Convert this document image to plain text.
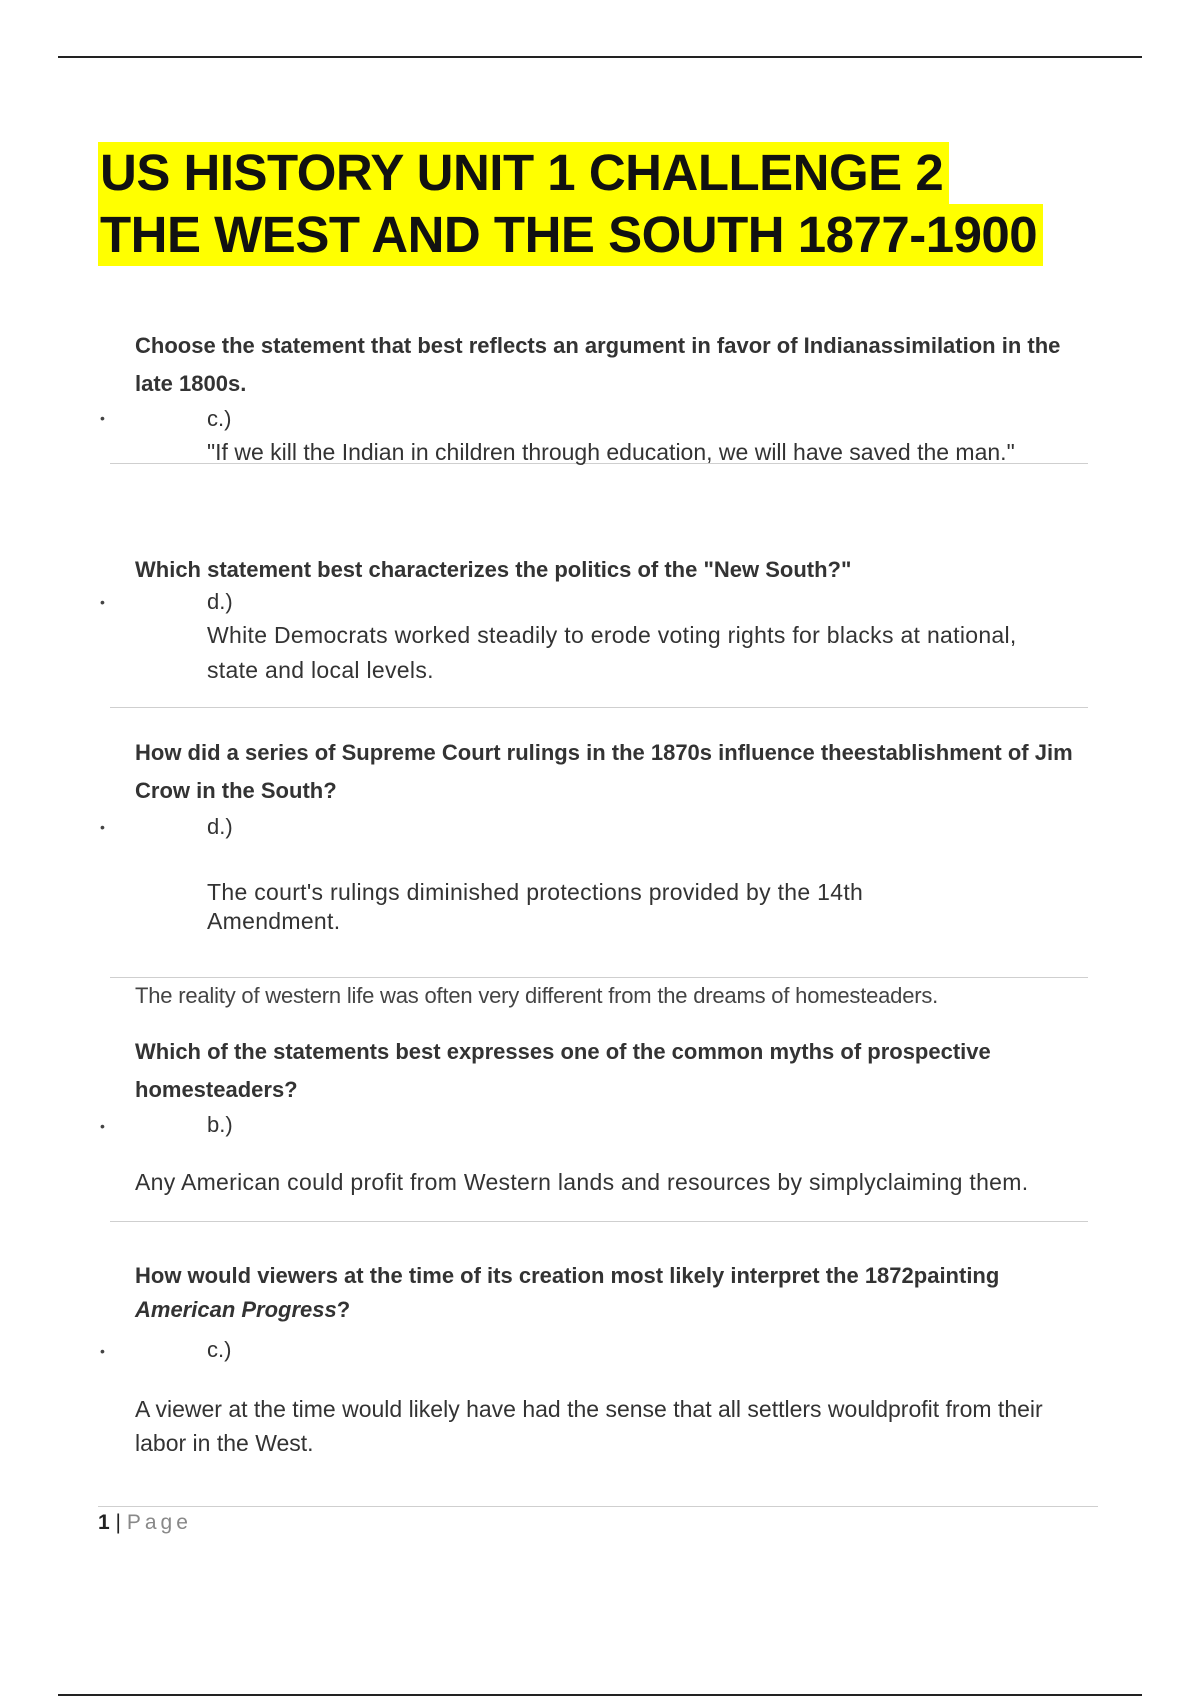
US HISTORY UNIT 1 CHALLENGE 2
THE WEST AND THE SOUTH 1877-1900
Choose the statement that best reflects an argument in favor of Indianassimilation in the late 1800s.
•	c.)
"If we kill the Indian in children through education, we will have saved the man."
Which statement best characterizes the politics of the "New South?"
•	d.)
White Democrats worked steadily to erode voting rights for blacks at national, state and local levels.
How did a series of Supreme Court rulings in the 1870s influence theestablishment of Jim Crow in the South?
•	d.)
The court's rulings diminished protections provided by the 14th Amendment.
The reality of western life was often very different from the dreams of homesteaders.
Which of the statements best expresses one of the common myths of prospective homesteaders?
•	b.)
Any American could profit from Western lands and resources by simplyclaiming them.
How would viewers at the time of its creation most likely interpret the 1872painting American Progress?
•	c.)
A viewer at the time would likely have had the sense that all settlers wouldprofit from their labor in the West.
1 | Page
